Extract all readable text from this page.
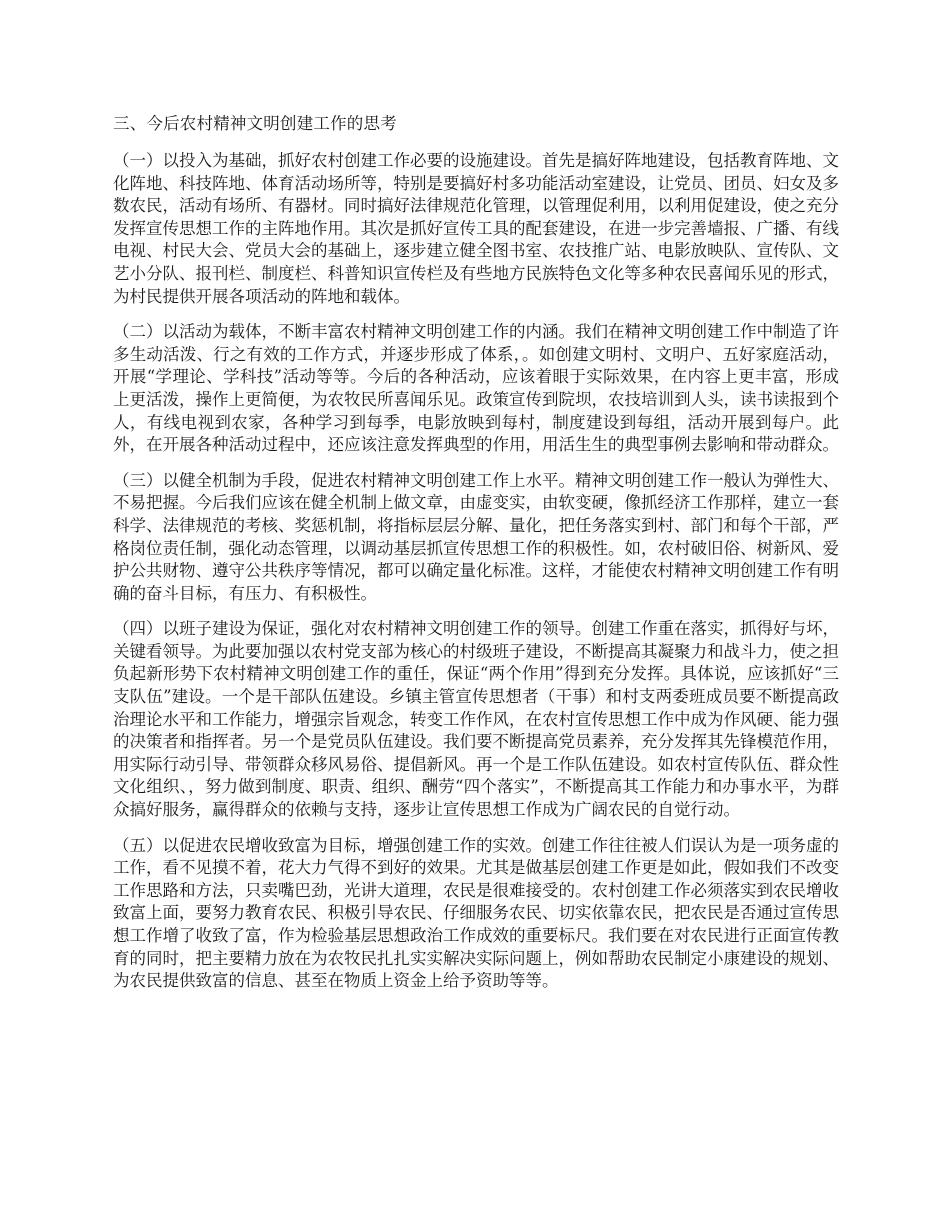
三、今后农村精神文明创建工作的思考

（一）以投入为基础，抓好农村创建工作必要的设施建设。首先是搞好阵地建设，包括教育阵地、文化阵地、科技阵地、体育活动场所等，特别是要搞好村多功能活动室建设，让党员、团员、妇女及多数农民，活动有场所、有器材。同时搞好法律规范化管理，以管理促利用，以利用促建设，使之充分发挥宣传思想工作的主阵地作用。其次是抓好宣传工具的配套建设，在进一步完善墙报、广播、有线电视、村民大会、党员大会的基础上，逐步建立健全图书室、农技推广站、电影放映队、宣传队、文艺小分队、报刊栏、制度栏、科普知识宣传栏及有些地方民族特色文化等多种农民喜闻乐见的形式，为村民提供开展各项活动的阵地和载体。

（二）以活动为载体，不断丰富农村精神文明创建工作的内涵。我们在精神文明创建工作中制造了许多生动活泼、行之有效的工作方式，并逐步形成了体系，。如创建文明村、文明户、五好家庭活动，开展“学理论、学科技”活动等等。今后的各种活动，应该着眼于实际效果，在内容上更丰富，形成上更活泼，操作上更简便，为农牧民所喜闻乐见。政策宣传到院坝，农技培训到人头，读书读报到个人，有线电视到农家，各种学习到每季，电影放映到每村，制度建设到每组，活动开展到每户。此外，在开展各种活动过程中，还应该注意发挥典型的作用，用活生生的典型事例去影响和带动群众。

（三）以健全机制为手段，促进农村精神文明创建工作上水平。精神文明创建工作一般认为弹性大、不易把握。今后我们应该在健全机制上做文章，由虚变实，由软变硬，像抓经济工作那样，建立一套科学、法律规范的考核、奖惩机制，将指标层层分解、量化，把任务落实到村、部门和每个干部，严格岗位责任制，强化动态管理，以调动基层抓宣传思想工作的积极性。如，农村破旧俗、树新风、爱护公共财物、遵守公共秩序等情况，都可以确定量化标准。这样，才能使农村精神文明创建工作有明确的奋斗目标，有压力、有积极性。

（四）以班子建设为保证，强化对农村精神文明创建工作的领导。创建工作重在落实，抓得好与坏，关键看领导。为此要加强以农村党支部为核心的村级班子建设，不断提高其凝聚力和战斗力，使之担负起新形势下农村精神文明创建工作的重任，保证“两个作用”得到充分发挥。具体说，应该抓好“三支队伍”建设。一个是干部队伍建设。乡镇主管宣传思想者（干事）和村支两委班成员要不断提高政治理论水平和工作能力，增强宗旨观念，转变工作作风，在农村宣传思想工作中成为作风硬、能力强的决策者和指挥者。另一个是党员队伍建设。我们要不断提高党员素养，充分发挥其先锋模范作用，用实际行动引导、带领群众移风易俗、提倡新风。再一个是工作队伍建设。如农村宣传队伍、群众性文化组织、，努力做到制度、职责、组织、酬劳“四个落实”，不断提高其工作能力和办事水平，为群众搞好服务，赢得群众的依赖与支持，逐步让宣传思想工作成为广阔农民的自觉行动。

（五）以促进农民增收致富为目标，增强创建工作的实效。创建工作往往被人们误认为是一项务虚的工作，看不见摸不着，花大力气得不到好的效果。尤其是做基层创建工作更是如此，假如我们不改变工作思路和方法，只卖嘴巴劲，光讲大道理，农民是很难接受的。农村创建工作必须落实到农民增收致富上面，要努力教育农民、积极引导农民、仔细服务农民、切实依靠农民，把农民是否通过宣传思想工作增了收致了富，作为检验基层思想政治工作成效的重要标尺。我们要在对农民进行正面宣传教育的同时，把主要精力放在为农牧民扎扎实实解决实际问题上，例如帮助农民制定小康建设的规划、为农民提供致富的信息、甚至在物质上资金上给予资助等等。
